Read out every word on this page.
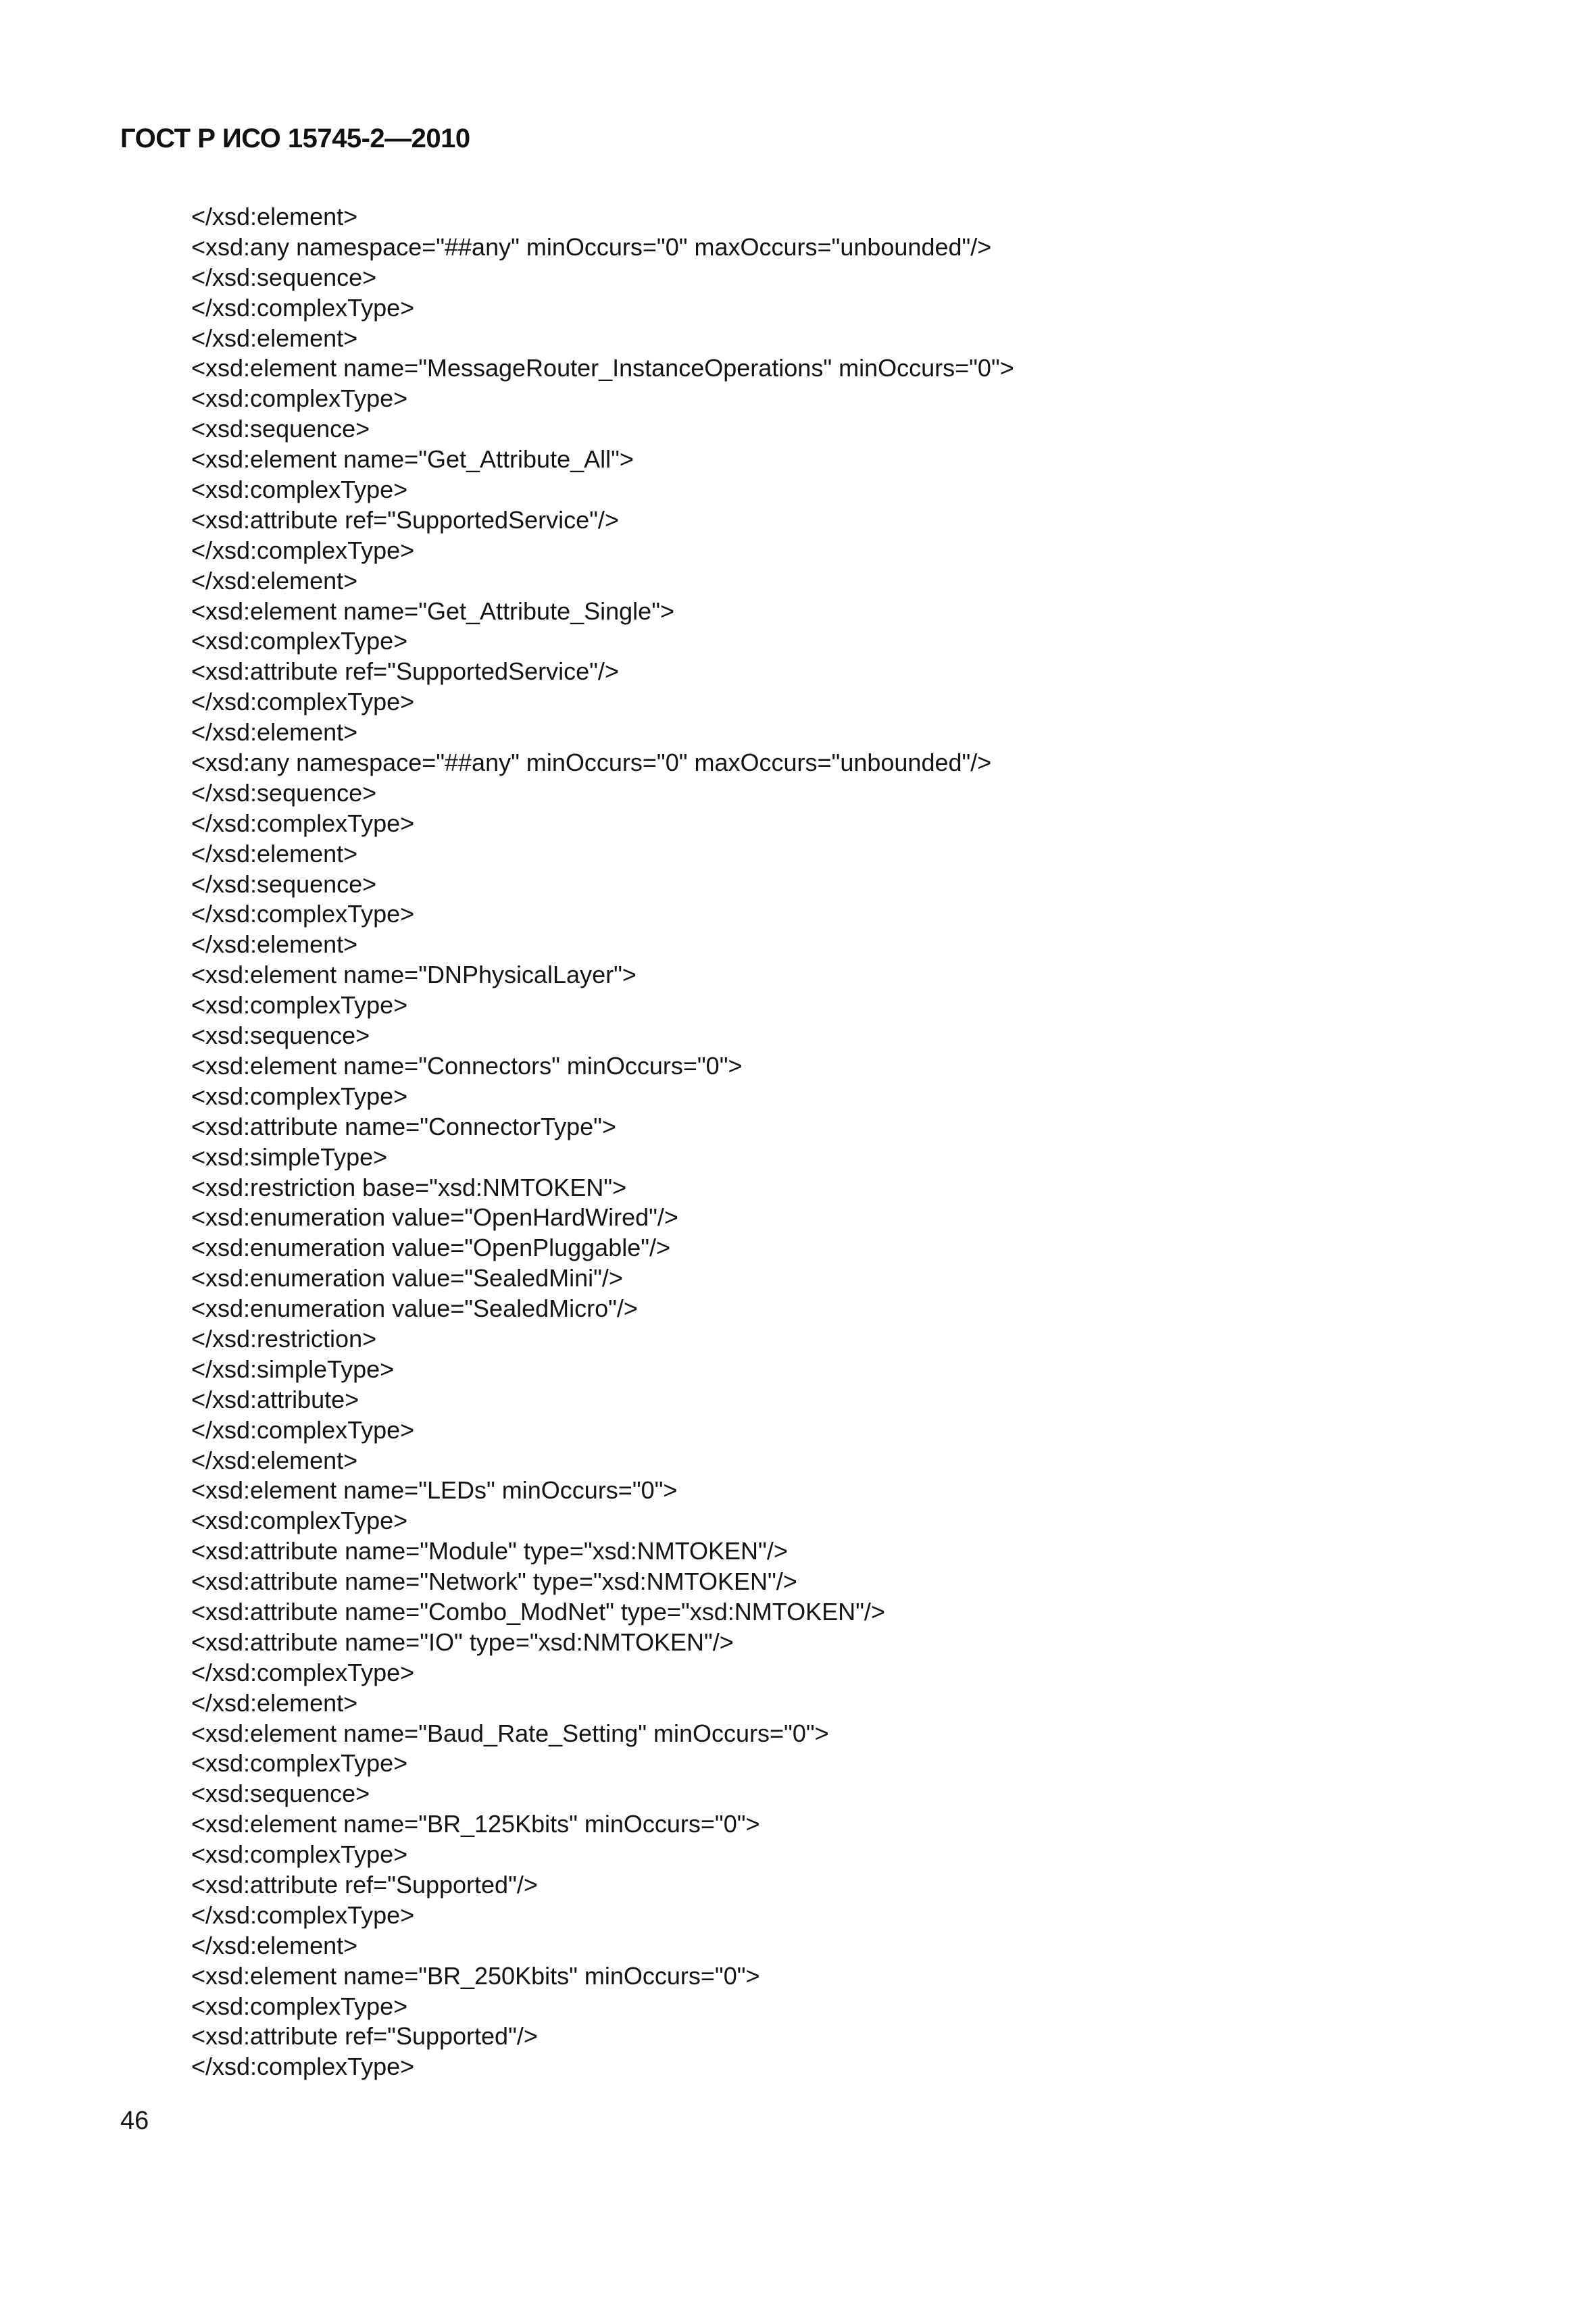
ГОСТ Р ИСО 15745-2—2010
</xsd:element>
<xsd:any namespace="##any" minOccurs="0" maxOccurs="unbounded"/>
</xsd:sequence>
</xsd:complexType>
</xsd:element>
<xsd:element name="MessageRouter_InstanceOperations" minOccurs="0">
<xsd:complexType>
<xsd:sequence>
<xsd:element name="Get_Attribute_All">
<xsd:complexType>
<xsd:attribute ref="SupportedService"/>
</xsd:complexType>
</xsd:element>
<xsd:element name="Get_Attribute_Single">
<xsd:complexType>
<xsd:attribute ref="SupportedService"/>
</xsd:complexType>
</xsd:element>
<xsd:any namespace="##any" minOccurs="0" maxOccurs="unbounded"/>
</xsd:sequence>
</xsd:complexType>
</xsd:element>
</xsd:sequence>
</xsd:complexType>
</xsd:element>
<xsd:element name="DNPhysicalLayer">
<xsd:complexType>
<xsd:sequence>
<xsd:element name="Connectors" minOccurs="0">
<xsd:complexType>
<xsd:attribute name="ConnectorType">
<xsd:simpleType>
<xsd:restriction base="xsd:NMTOKEN">
<xsd:enumeration value="OpenHardWired"/>
<xsd:enumeration value="OpenPluggable"/>
<xsd:enumeration value="SealedMini"/>
<xsd:enumeration value="SealedMicro"/>
</xsd:restriction>
</xsd:simpleType>
</xsd:attribute>
</xsd:complexType>
</xsd:element>
<xsd:element name="LEDs" minOccurs="0">
<xsd:complexType>
<xsd:attribute name="Module" type="xsd:NMTOKEN"/>
<xsd:attribute name="Network" type="xsd:NMTOKEN"/>
<xsd:attribute name="Combo_ModNet" type="xsd:NMTOKEN"/>
<xsd:attribute name="IO" type="xsd:NMTOKEN"/>
</xsd:complexType>
</xsd:element>
<xsd:element name="Baud_Rate_Setting" minOccurs="0">
<xsd:complexType>
<xsd:sequence>
<xsd:element name="BR_125Kbits" minOccurs="0">
<xsd:complexType>
<xsd:attribute ref="Supported"/>
</xsd:complexType>
</xsd:element>
<xsd:element name="BR_250Kbits" minOccurs="0">
<xsd:complexType>
<xsd:attribute ref="Supported"/>
</xsd:complexType>
46
